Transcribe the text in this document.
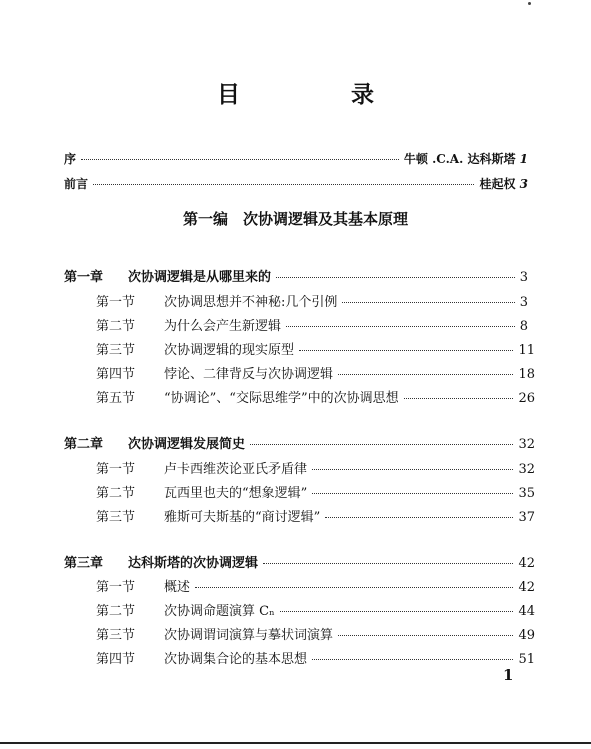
目　录
序	牛顿 .C.A. 达科斯塔 1
前言	桂起权 3
第一编　次协调逻辑及其基本原理
第一章 次协调逻辑是从哪里来的	3
第一节 次协调思想并不神秘:几个引例	3
第二节 为什么会产生新逻辑	8
第三节 次协调逻辑的现实原型	11
第四节 悖论、二律背反与次协调逻辑	18
第五节 “协调论”、“交际思维学”中的次协调思想	26
第二章 次协调逻辑发展简史	32
第一节 卢卡西维茨论亚氏矛盾律	32
第二节 瓦西里也夫的“想象逻辑”	35
第三节 雅斯可夫斯基的“商讨逻辑”	37
第三章 达科斯塔的次协调逻辑	42
第一节 概述	42
第二节 次协调命题演算 Cₙ	44
第三节 次协调谓词演算与摹状词演算	49
第四节 次协调集合论的基本思想	51
1
